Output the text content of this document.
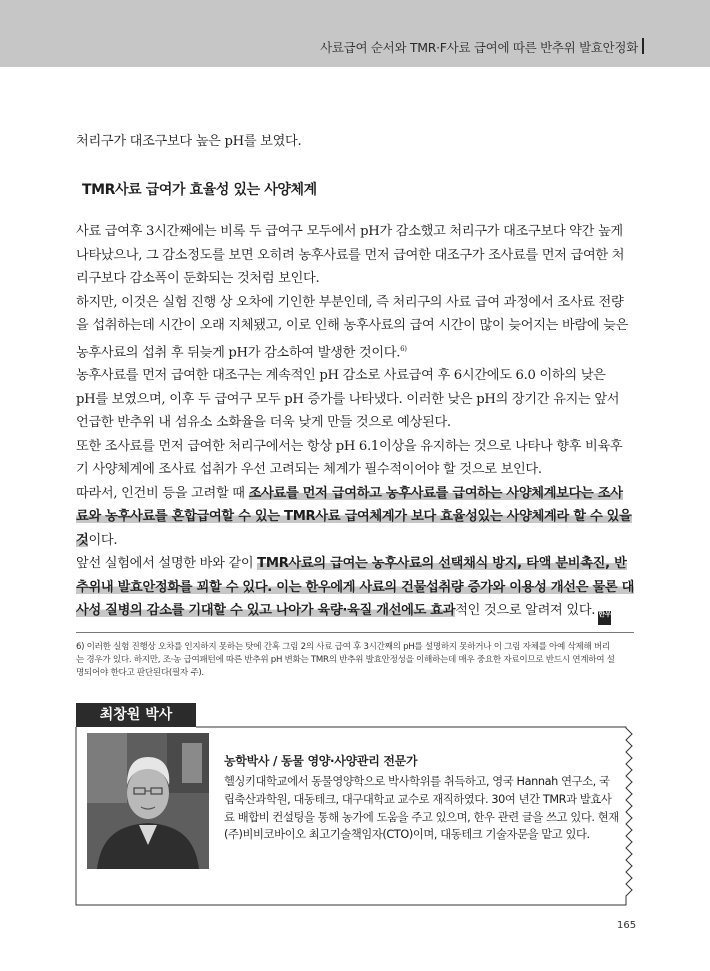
사료급여 순서와 TMR·F사료 급여에 따른 반추위 발효안정화
처리구가 대조구보다 높은 pH를 보였다.
TMR사료 급여가 효율성 있는 사양체계
사료 급여후 3시간째에는 비록 두 급여구 모두에서 pH가 감소했고 처리구가 대조구보다 약간 높게
나타났으나, 그 감소정도를 보면 오히려 농후사료를 먼저 급여한 대조구가 조사료를 먼저 급여한 처
리구보다 감소폭이 둔화되는 것처럼 보인다.
하지만, 이것은 실험 진행 상 오차에 기인한 부분인데, 즉 처리구의 사료 급여 과정에서 조사료 전량
을 섭취하는데 시간이 오래 지체됐고, 이로 인해 농후사료의 급여 시간이 많이 늦어지는 바람에 늦은
농후사료의 섭취 후 뒤늦게 pH가 감소하여 발생한 것이다.$^{6)}$
농후사료를 먼저 급여한 대조구는 계속적인 pH 감소로 사료급여 후 6시간에도 6.0 이하의 낮은
pH를 보였으며, 이후 두 급여구 모두 pH 증가를 나타냈다. 이러한 낮은 pH의 장기간 유지는 앞서
언급한 반추위 내 섬유소 소화율을 더욱 낮게 만들 것으로 예상된다.
또한 조사료를 먼저 급여한 처리구에서는 항상 pH 6.1이상을 유지하는 것으로 나타나 향후 비육후
기 사양체계에 조사료 섭취가 우선 고려되는 체계가 필수적이어야 할 것으로 보인다.
따라서, 인건비 등을 고려할 때 조사료를 먼저 급여하고 농후사료를 급여하는 사양체계보다는 조사
료와 농후사료를 혼합급여할 수 있는 TMR사료 급여체계가 보다 효율성있는 사양체계라 할 수 있을
것이다.
앞선 실험에서 설명한 바와 같이 TMR사료의 급여는 농후사료의 선택채식 방지, 타액 분비촉진, 반
추위내 발효안정화를 꾀할 수 있다. 이는 한우에게 사료의 건물섭취량 증가와 이용성 개선은 물론 대
사성 질병의 감소를 기대할 수 있고 나아가 육량·육질 개선에도 효과적인 것으로 알려져 있다. 한우
6) 이러한 실험 진행상 오차를 인지하지 못하는 탓에 간혹 그림 2의 사료 급여 후 3시간째의 pH를 설명하지 못하거나 이 그림 자체를 아예 삭제해 버리
는 경우가 있다. 하지만, 조·농 급여패턴에 따른 반추위 pH 변화는 TMR의 반추위 발효안정성을 이해하는데 매우 중요한 자료이므로 반드시 연계하여 설
명되어야 한다고 판단된다(필자 주).
최창원 박사
농학박사 / 동물 영양·사양관리 전문가
헬싱키대학교에서 동물영양학으로 박사학위를 취득하고, 영국 Hannah 연구소, 국
립축산과학원, 대동테크, 대구대학교 교수로 재직하였다. 30여 년간 TMR과 발효사
료 배합비 컨설팅을 통해 농가에 도움을 주고 있으며, 한우 관련 글을 쓰고 있다. 현재
(주)비비코바이오 최고기술책임자(CTO)이며, 대동테크 기술자문을 맡고 있다.
165
